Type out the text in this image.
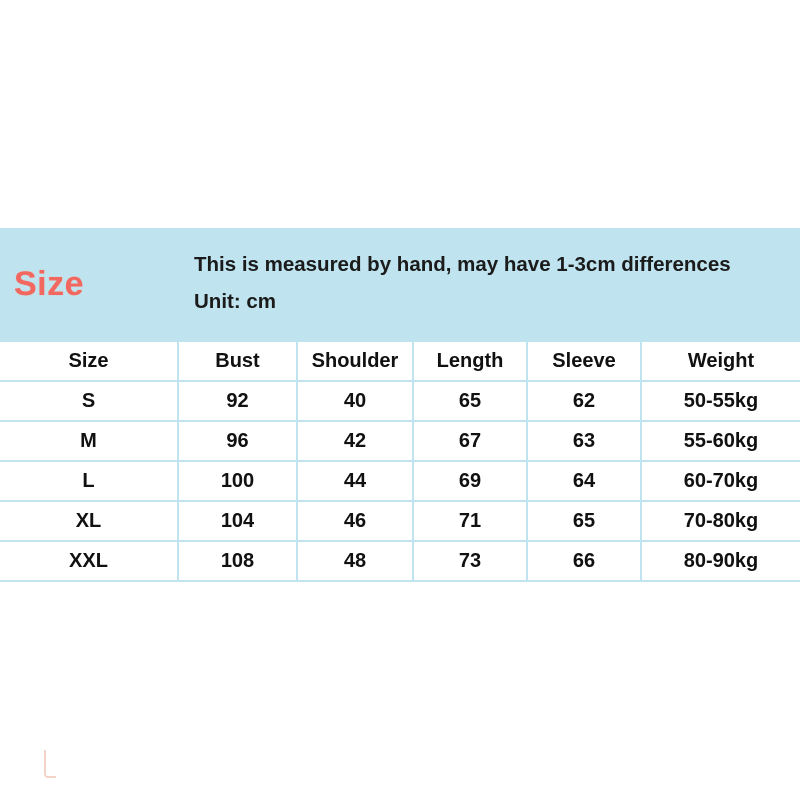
Size
This is measured by hand, may have 1-3cm differences
Unit: cm
Size	Bust	Shoulder	Length	Sleeve	Weight
S	92	40	65	62	50-55kg
M	96	42	67	63	55-60kg
L	100	44	69	64	60-70kg
XL	104	46	71	65	70-80kg
XXL	108	48	73	66	80-90kg
